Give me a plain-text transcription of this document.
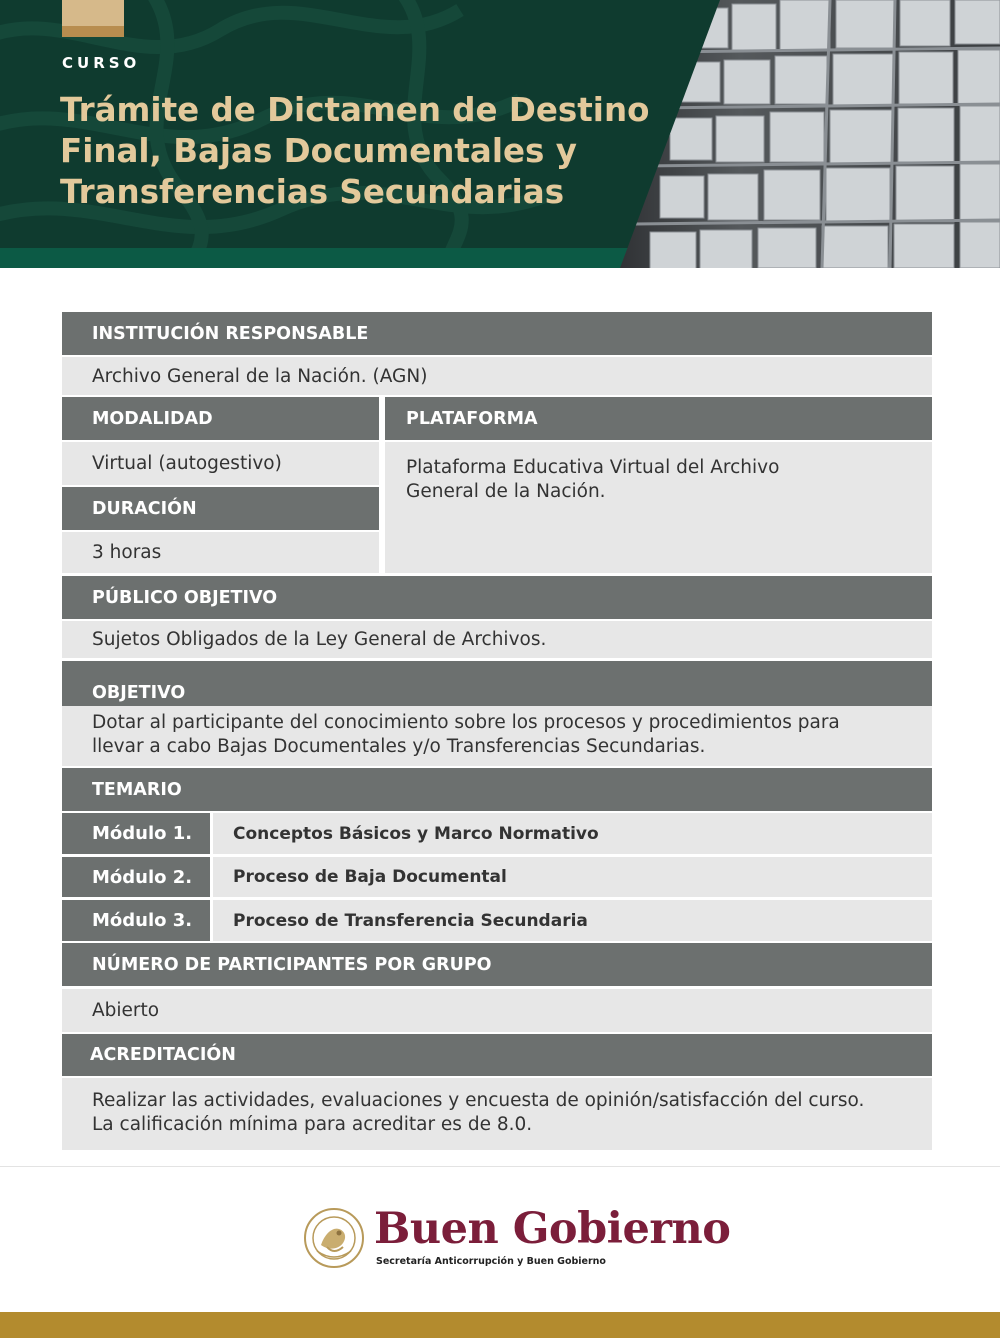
CURSO
Trámite de Dictamen de Destino
Final, Bajas Documentales y
Transferencias Secundarias
INSTITUCIÓN RESPONSABLE
Archivo General de la Nación. (AGN)
MODALIDAD
Virtual (autogestivo)
DURACIÓN
3 horas
PLATAFORMA
Plataforma Educativa Virtual del Archivo
General de la Nación.
PÚBLICO OBJETIVO
Sujetos Obligados de la Ley General de Archivos.
OBJETIVO
Dotar al participante del conocimiento sobre los procesos y procedimientos para
llevar a cabo Bajas Documentales y/o Transferencias Secundarias.
TEMARIO
Módulo 1.	Conceptos Básicos y Marco Normativo
Módulo 2.	Proceso de Baja Documental
Módulo 3.	Proceso de Transferencia Secundaria
NÚMERO DE PARTICIPANTES POR GRUPO
Abierto
ACREDITACIÓN
Realizar las actividades, evaluaciones y encuesta de opinión/satisfacción del curso.
La calificación mínima para acreditar es de 8.0.
Buen Gobierno
Secretaría Anticorrupción y Buen Gobierno
